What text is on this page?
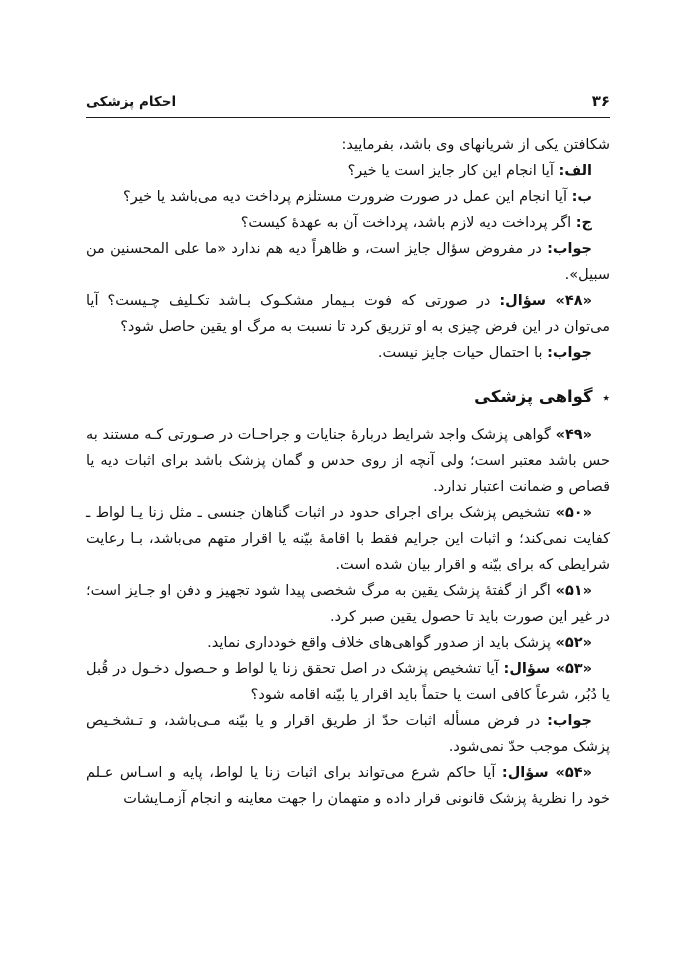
۳۶
احکام پزشکی

شکافتن یکی از شریانهای وی باشد، بفرمایید:

الف: آیا انجام این کار جایز است یا خیر؟

ب: آیا انجام این عمل در صورت ضرورت مستلزم پرداخت دیه می‌باشد یا خیر؟

ج: اگر پرداخت دیه لازم باشد، پرداخت آن به عهدهٔ کیست؟

جواب: در مفروض سؤال جایز است، و ظاهراً دیه هم ندارد «ما علی المحسنین من سبیل».

«۴۸» سؤال: در صورتی که فوت بـیمار مشکـوک بـاشد تکـلیف چـیست؟ آیا می‌توان در این فرض چیزی به او تزریق کرد تا نسبت به مرگ او یقین حاصل شود؟

جواب: با احتمال حیات جایز نیست.

٭ گواهی پزشکی

«۴۹» گواهی پزشک واجد شرایط دربارهٔ جنایات و جراحـات در صـورتی کـه مستند به حس باشد معتبر است؛ ولی آنچه از روی حدس و گمان پزشک باشد برای اثبات دیه یا قصاص و ضمانت اعتبار ندارد.

«۵۰» تشخیص پزشک برای اجرای حدود در اثبات گناهان جنسی ـ مثل زنا یـا لواط ـ کفایت نمی‌کند؛ و اثبات این جرایم فقط با اقامهٔ بیّنه یا اقرار متهم می‌باشد، بـا رعایت شرایطی که برای بیّنه و اقرار بیان شده است.

«۵۱» اگر از گفتهٔ پزشک یقین به مرگ شخصی پیدا شود تجهیز و دفن او جـایز است؛ در غیر این صورت باید تا حصول یقین صبر کرد.

«۵۲» پزشک باید از صدور گواهی‌های خلاف واقع خودداری نماید.

«۵۳» سؤال: آیا تشخیص پزشک در اصل تحقق زنا یا لواط و حـصول دخـول در قُبل یا دُبُر، شرعاً کافی است یا حتماً باید اقرار یا بیّنه اقامه شود؟

جواب: در فرض مسأله اثبات حدّ از طریق اقرار و یا بیّنه مـی‌باشد، و تـشخـیص پزشک موجب حدّ نمی‌شود.

«۵۴» سؤال: آیا حاکم شرع می‌تواند برای اثبات زنا یا لواط، پایه و اسـاس عـلم خود را نظریهٔ پزشک قانونی قرار داده و متهمان را جهت معاینه و انجام آزمـایشات
